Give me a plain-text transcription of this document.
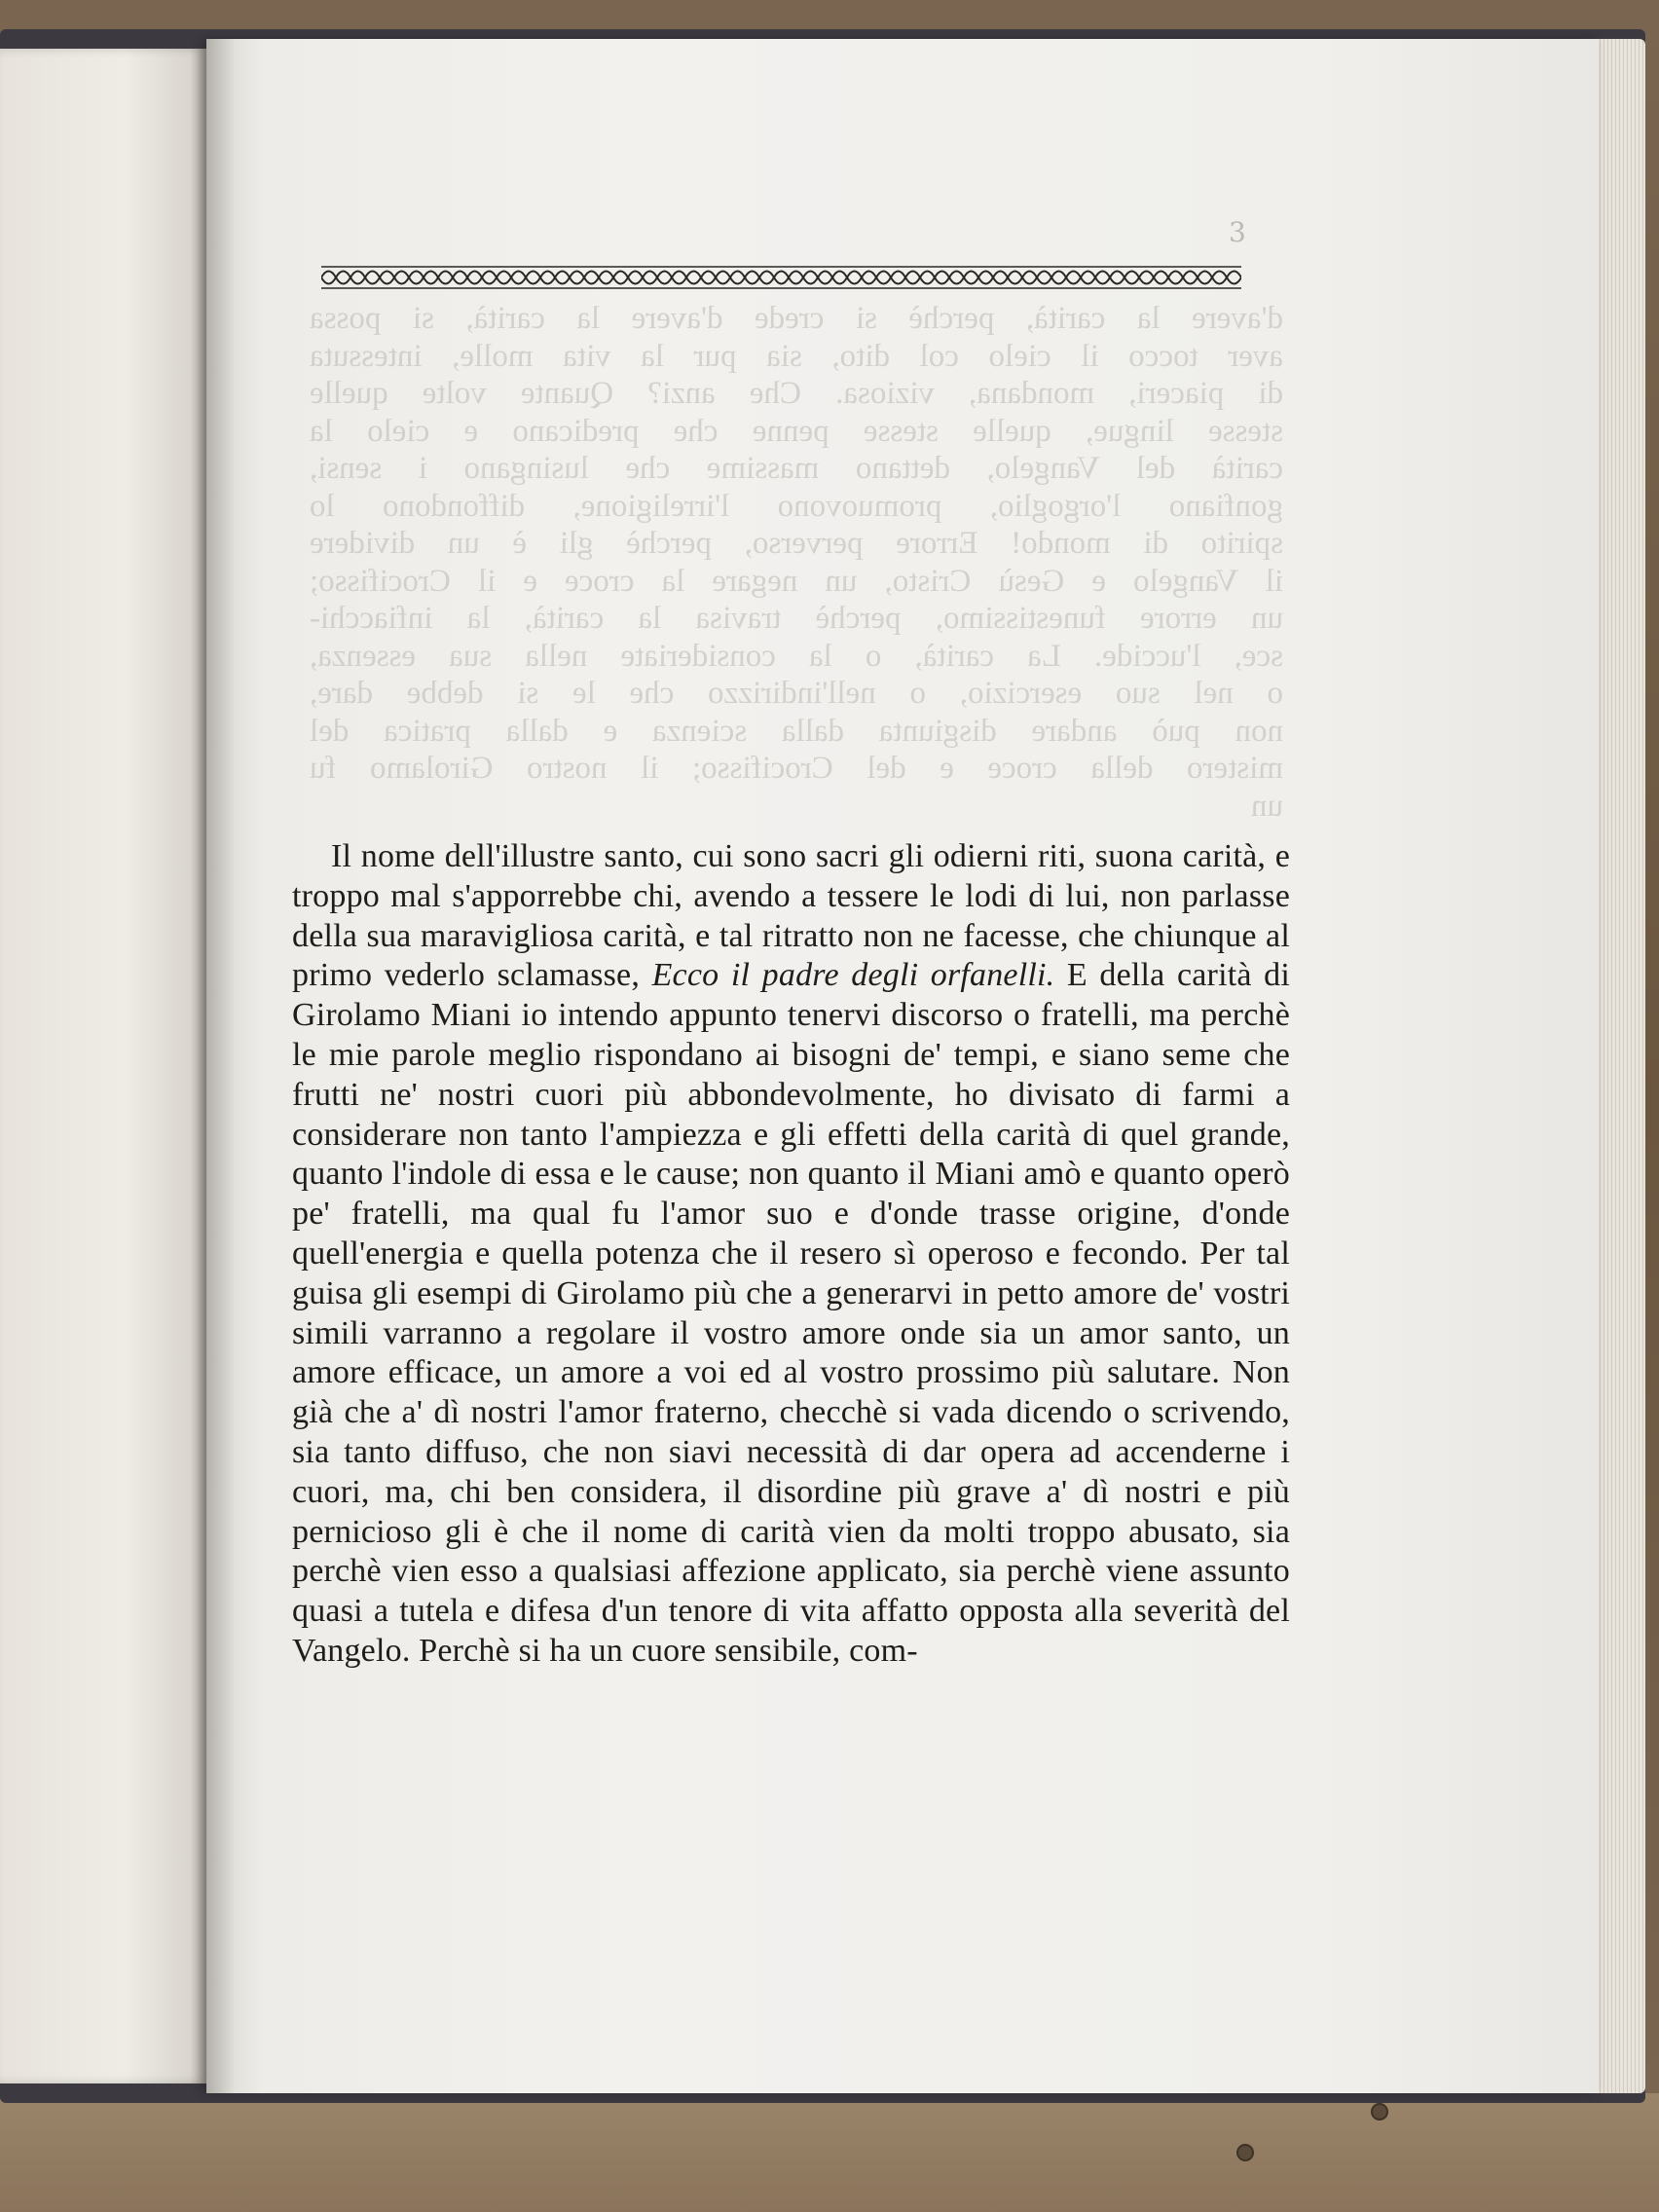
3

d'avere la carità, perchè si crede d'avere la carità, si possa

aver tocco il cielo col dito, sia pur la vita molle, intessuta

di piaceri, mondana, viziosa. Che anzi? Quante volte quelle

stesse lingue, quelle stesse penne che predicano e cielo la

carità del Vangelo, dettano massime che lusingano i sensi,

gonfiano l'orgoglio, promuovono l'irreligione, diffondono lo

spirito di mondo! Errore perverso, perchè gli è un dividere

il Vangelo e Gesù Cristo, un negare la croce e il Crocifisso;

un errore funestissimo, perchè travisa la carità, la infiacchi-

sce, l'uccide. La carità, o la consideriate nella sua essenza,

o nel suo esercizio, o nell'indirizzo che le si debbe dare,

non può andare disgiunta dalla scienza e dalla pratica del

mistero della croce e del Crocifisso; il nostro Girolamo fu

un

Il nome dell'illustre santo, cui sono sacri gli odierni riti, suona carità, e troppo mal s'apporrebbe chi, avendo a tessere le lodi di lui, non parlasse della sua maravigliosa carità, e tal ritratto non ne facesse, che chiunque al primo vederlo sclamasse, Ecco il padre degli orfanelli. E della carità di Girolamo Miani io intendo appunto tenervi discorso o fratelli, ma perchè le mie parole meglio rispondano ai bisogni de' tempi, e siano seme che frutti ne' nostri cuori più abbondevolmente, ho divisato di farmi a considerare non tanto l'ampiezza e gli effetti della carità di quel grande, quanto l'indole di essa e le cause; non quanto il Miani amò e quanto operò pe' fratelli, ma qual fu l'amor suo e d'onde trasse origine, d'onde quell'energia e quella potenza che il resero sì operoso e fecondo. Per tal guisa gli esempi di Girolamo più che a generarvi in petto amore de' vostri simili varranno a regolare il vostro amore onde sia un amor santo, un amore efficace, un amore a voi ed al vostro prossimo più salutare. Non già che a' dì nostri l'amor fraterno, checchè si vada dicendo o scrivendo, sia tanto diffuso, che non siavi necessità di dar opera ad accenderne i cuori, ma, chi ben considera, il disordine più grave a' dì nostri e più pernicioso gli è che il nome di carità vien da molti troppo abusato, sia perchè vien esso a qualsiasi affezione applicato, sia perchè viene assunto quasi a tutela e difesa d'un tenore di vita affatto opposta alla severità del Vangelo. Perchè si ha un cuore sensibile, com-
